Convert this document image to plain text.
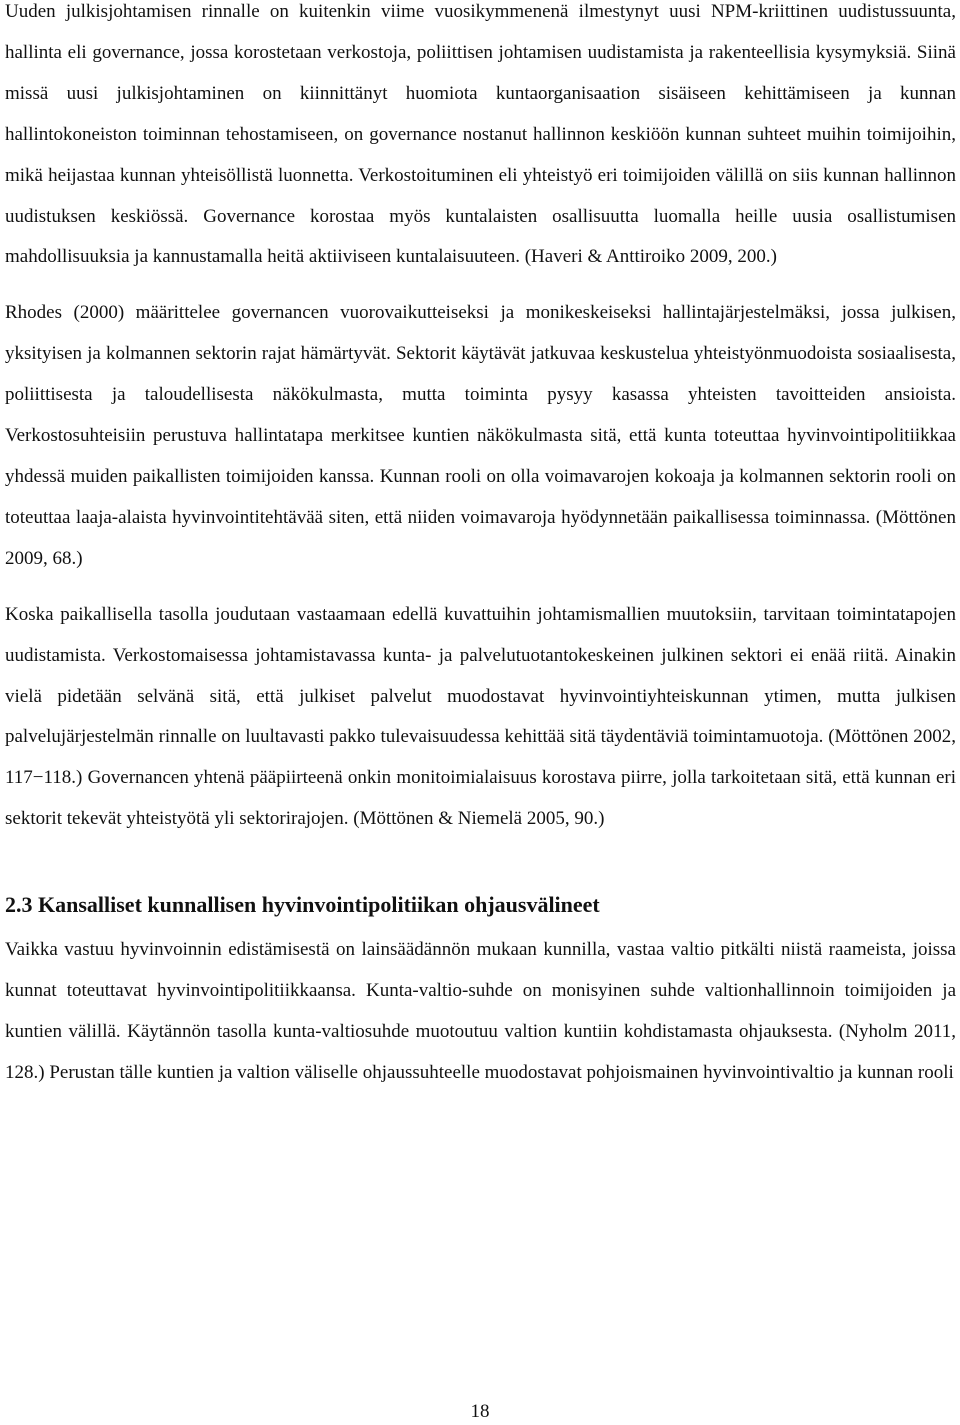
Uuden julkisjohtamisen rinnalle on kuitenkin viime vuosikymmenenä ilmestynyt uusi NPM-kriittinen uudistussuunta, hallinta eli governance, jossa korostetaan verkostoja, poliittisen johtamisen uudistamista ja rakenteellisia kysymyksiä. Siinä missä uusi julkisjohtaminen on kiinnittänyt huomiota kuntaorganisaation sisäiseen kehittämiseen ja kunnan hallintokoneiston toiminnan tehostamiseen, on governance nostanut hallinnon keskiöön kunnan suhteet muihin toimijoihin, mikä heijastaa kunnan yhteisöllistä luonnetta. Verkostoituminen eli yhteistyö eri toimijoiden välillä on siis kunnan hallinnon uudistuksen keskiössä. Governance korostaa myös kuntalaisten osallisuutta luomalla heille uusia osallistumisen mahdollisuuksia ja kannustamalla heitä aktiiviseen kuntalaisuuteen. (Haveri & Anttiroiko 2009, 200.)

Rhodes (2000) määrittelee governancen vuorovaikutteiseksi ja monikeskeiseksi hallintajärjestelmäksi, jossa julkisen, yksityisen ja kolmannen sektorin rajat hämärtyvät. Sektorit käytävät jatkuvaa keskustelua yhteistyönmuodoista sosiaalisesta, poliittisesta ja taloudellisesta näkökulmasta, mutta toiminta pysyy kasassa yhteisten tavoitteiden ansioista. Verkostosuhteisiin perustuva hallintatapa merkitsee kuntien näkökulmasta sitä, että kunta toteuttaa hyvinvointipolitiikkaa yhdessä muiden paikallisten toimijoiden kanssa. Kunnan rooli on olla voimavarojen kokoaja ja kolmannen sektorin rooli on toteuttaa laaja-alaista hyvinvointitehtävää siten, että niiden voimavaroja hyödynnetään paikallisessa toiminnassa. (Möttönen 2009, 68.)

Koska paikallisella tasolla joudutaan vastaamaan edellä kuvattuihin johtamismallien muutoksiin, tarvitaan toimintatapojen uudistamista. Verkostomaisessa johtamistavassa kunta- ja palvelutuotantokeskeinen julkinen sektori ei enää riitä. Ainakin vielä pidetään selvänä sitä, että julkiset palvelut muodostavat hyvinvointiyhteiskunnan ytimen, mutta julkisen palvelujärjestelmän rinnalle on luultavasti pakko tulevaisuudessa kehittää sitä täydentäviä toimintamuotoja. (Möttönen 2002, 117−118.) Governancen yhtenä pääpiirteenä onkin monitoimialaisuus korostava piirre, jolla tarkoitetaan sitä, että kunnan eri sektorit tekevät yhteistyötä yli sektorirajojen. (Möttönen & Niemelä 2005, 90.)

2.3 Kansalliset kunnallisen hyvinvointipolitiikan ohjausvälineet

Vaikka vastuu hyvinvoinnin edistämisestä on lainsäädännön mukaan kunnilla, vastaa valtio pitkälti niistä raameista, joissa kunnat toteuttavat hyvinvointipolitiikkaansa. Kunta-valtio-suhde on monisyinen suhde valtionhallinnoin toimijoiden ja kuntien välillä. Käytännön tasolla kunta-valtiosuhde muotoutuu valtion kuntiin kohdistamasta ohjauksesta. (Nyholm 2011, 128.) Perustan tälle kuntien ja valtion väliselle ohjaussuhteelle muodostavat pohjoismainen hyvinvointivaltio ja kunnan rooli

18
